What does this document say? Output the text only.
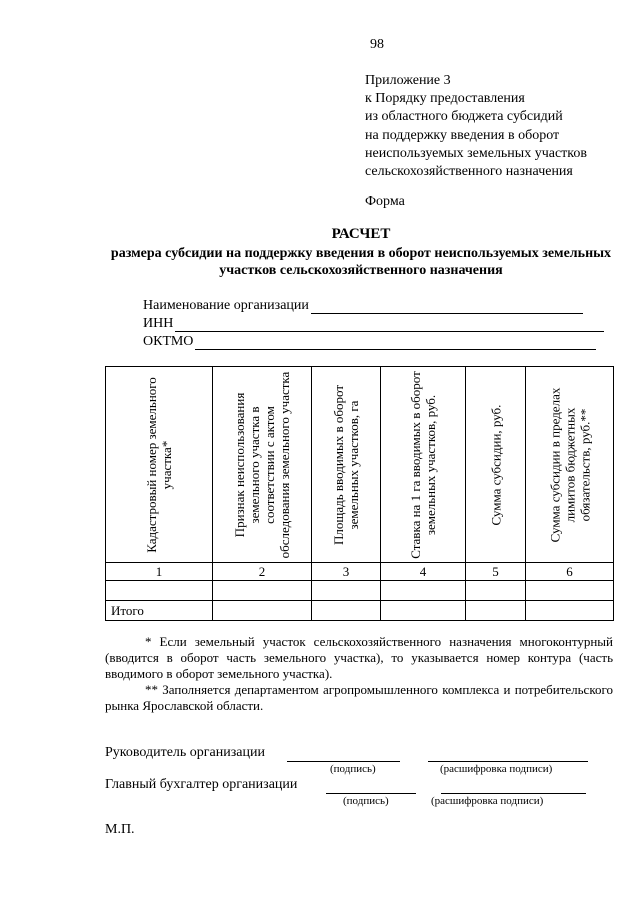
98
Приложение 3
к Порядку предоставления
из областного бюджета субсидий
на поддержку введения в оборот
неиспользуемых земельных участков
сельскохозяйственного назначения
Форма
РАСЧЕТ
размера субсидии на поддержку введения в оборот неиспользуемых земельных участков сельскохозяйственного назначения
Наименование организации
ИНН
ОКТМО
Кадастровый номер земельного участка*	Признак неиспользования земельного участка в соответствии с актом обследования земельного участка	Площадь вводимых в оборот земельных участков, га	Ставка на 1 га вводимых в оборот земельных участков, руб.	Сумма субсидии, руб.	Сумма субсидии в пределах лимитов бюджетных обязательств, руб.**

1	2	3	4	5	6

Итого					

* Если земельный участок сельскохозяйственного назначения многоконтурный (вводится в оборот часть земельного участка), то указывается номер контура (часть вводимого в оборот земельного участка).

** Заполняется департаментом агропромышленного комплекса и потребительского рынка Ярославской области.

Руководитель организации
(подпись)	(расшифровка подписи)
Главный бухгалтер организации
(подпись)	(расшифровка подписи)
М.П.
